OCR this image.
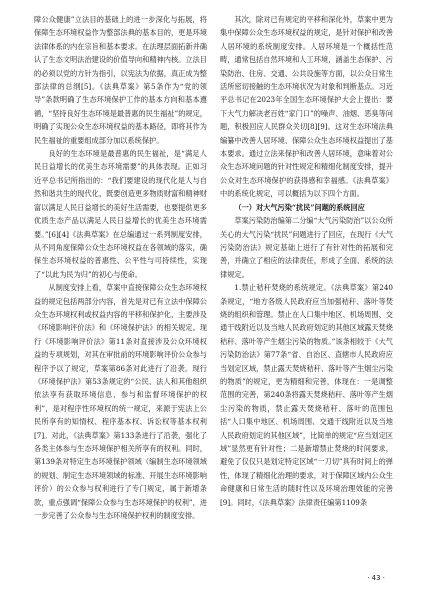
障公众健康”立法目的基础上的进一步深化与拓展，将保障生态环境权益作为整部法典的基本目的，更是环境法律体系的内在宗旨和基本要求。在法理层面拓新并确认了生态文明法治建设的价值导向和精神内核。立法目的必须以党的方针为指引，以宪法为依据，真正成为整部法律的总纲[5]。《法典草案》第5条作为“党的领导”条款明确了生态环境保护工作的基本方向和基本遵循，“坚持良好生态环境是最普惠的民生福祉”的规定，明确了实现公众生态环境权益的基本路径，即将其作为民生福祉的重要组成部分加以系统保护。

良好的生态环境是最普惠的民生福祉，是“满足人民日益增长的优美生态环境需要”的具体表现。正如习近平总书记所指出的：“我们要建设的现代化是人与自然和谐共生的现代化，既要创造更多物质财富和精神财富以满足人民日益增长的美好生活需要，也要提供更多优质生态产品以满足人民日益增长的优美生态环境需要。”[6][4]《法典草案》在总编通过一系列制度安排，从不同角度保障公众生态环境权益在各领域的落实，确保生态环境权益的普惠性、公平性与可持续性，实现了“以此为民为归”的初心与使命。

从制度安排上看，草案中直接保障公众生态环境权益的规定包括两部分内容，首先是对已有立法中保障公众生态环境权利或权益内容的平移和保护化，主要涉及《环境影响评价法》和《环境保护法》的相关规定。现行《环境影响评价法》第11条对直接涉及公众环境权益的专项规划，对其在审批前的环境影响评价公众参与程序予以了规定，草案第86条对此进行了沿袭。现行《环境保护法》第53条规定的“公民、法人和其他组织依法享有获取环境信息、参与和监督环境保护的权利”，是对程序性环境权的统一规定，来源于宪法上公民所享有的知情权、程序基本权、诉讼权等基本权利[7]。对此，《法典草案》第133条进行了沿袭，强化了各类主体参与生态环境保护相关所享有的权利。同时，第139条对特定生态环境保护领域（编制生态环境领域的规划、制定生态环境领域的标准、开展生态环境影响评价）的公众参与权利进行了专门规定，属于新增条款，重点强调“保障公众参与生态环境保护的权利”，进一步完善了公众参与生态环境保护权利的制度安排。

其次，除对已有规定的平移和深化外，草案中更为集中保障公众生态环境权益的规定，是针对保护和改善人居环境的系统制度安排。人居环境是一个概括性范畴，通常包括自然环境和人工环境，涵盖生态保护、污染防治、住房、交通、公共设施等方面，以公众日常生活所密切接触的生态环境状况为对象和判断基点。习近平总书记在2023年全国生态环境保护大会上提出：要下大气力解决老百姓“家门口”的噪声、油烟、恶臭等问题，积极回应人民群众关切[8][9]。这对生态环境法典编纂中改善人居环境、保障公众生态环境权益提出了基本要求。通过立法来保护和改善人居环境，意味着对公众生态环境问题的针对性规定和精细化制度安排，提升公众对生态环境保护的获得感和幸福感。《法典草案》中的系统化规定，可以概括为以下四个方面。

（一）对大气污染“扰民”问题的系统回应

草案污染防治编第二分编“大气污染防治”以公众所关心的大气污染“扰民”问题进行了回应，在现行《大气污染防治法》规定基础上进行了有针对性的拓展和完善，并确立了相应的法律责任，形成了全面、系统的法律规定。

1.禁止秸秆焚烧的系统规定。《法典草案》第240条规定，“地方各级人民政府应当加强秸秆、落叶等焚烧的组织和管理。禁止在人口集中地区、机场周围、交通干线附近以及当地人民政府划定的其他区域露天焚烧秸秆、落叶等产生烟尘污染的物质。”该条相较于《大气污染防治法》第77条“省、自治区、直辖市人民政府应当划定区域，禁止露天焚烧秸秆、落叶等产生烟尘污染的物质”的规定，更为精细和完善，体现在：一是调整范围的完善，第240条将露天焚烧秸秆、落叶等产生烟尘污染的物质，禁止露天焚烧秸秆、落叶的范围包括“人口集中地区、机场周围、交通干线附近以及当地人民政府划定的其他区域”，比简单的规定“应当划定区域”显然更有针对性；二是新增禁止焚烧的时间要求，避免了仅仅只是划定特定区域“一刀切”具有时间上的弹性，体现了精细化治理的要求，对于保障区域内公众生命健康和日常生活的随时性以及环境治理效能的完善[9]。同时，《法典草案》法律责任编第1109条

· 43 ·
